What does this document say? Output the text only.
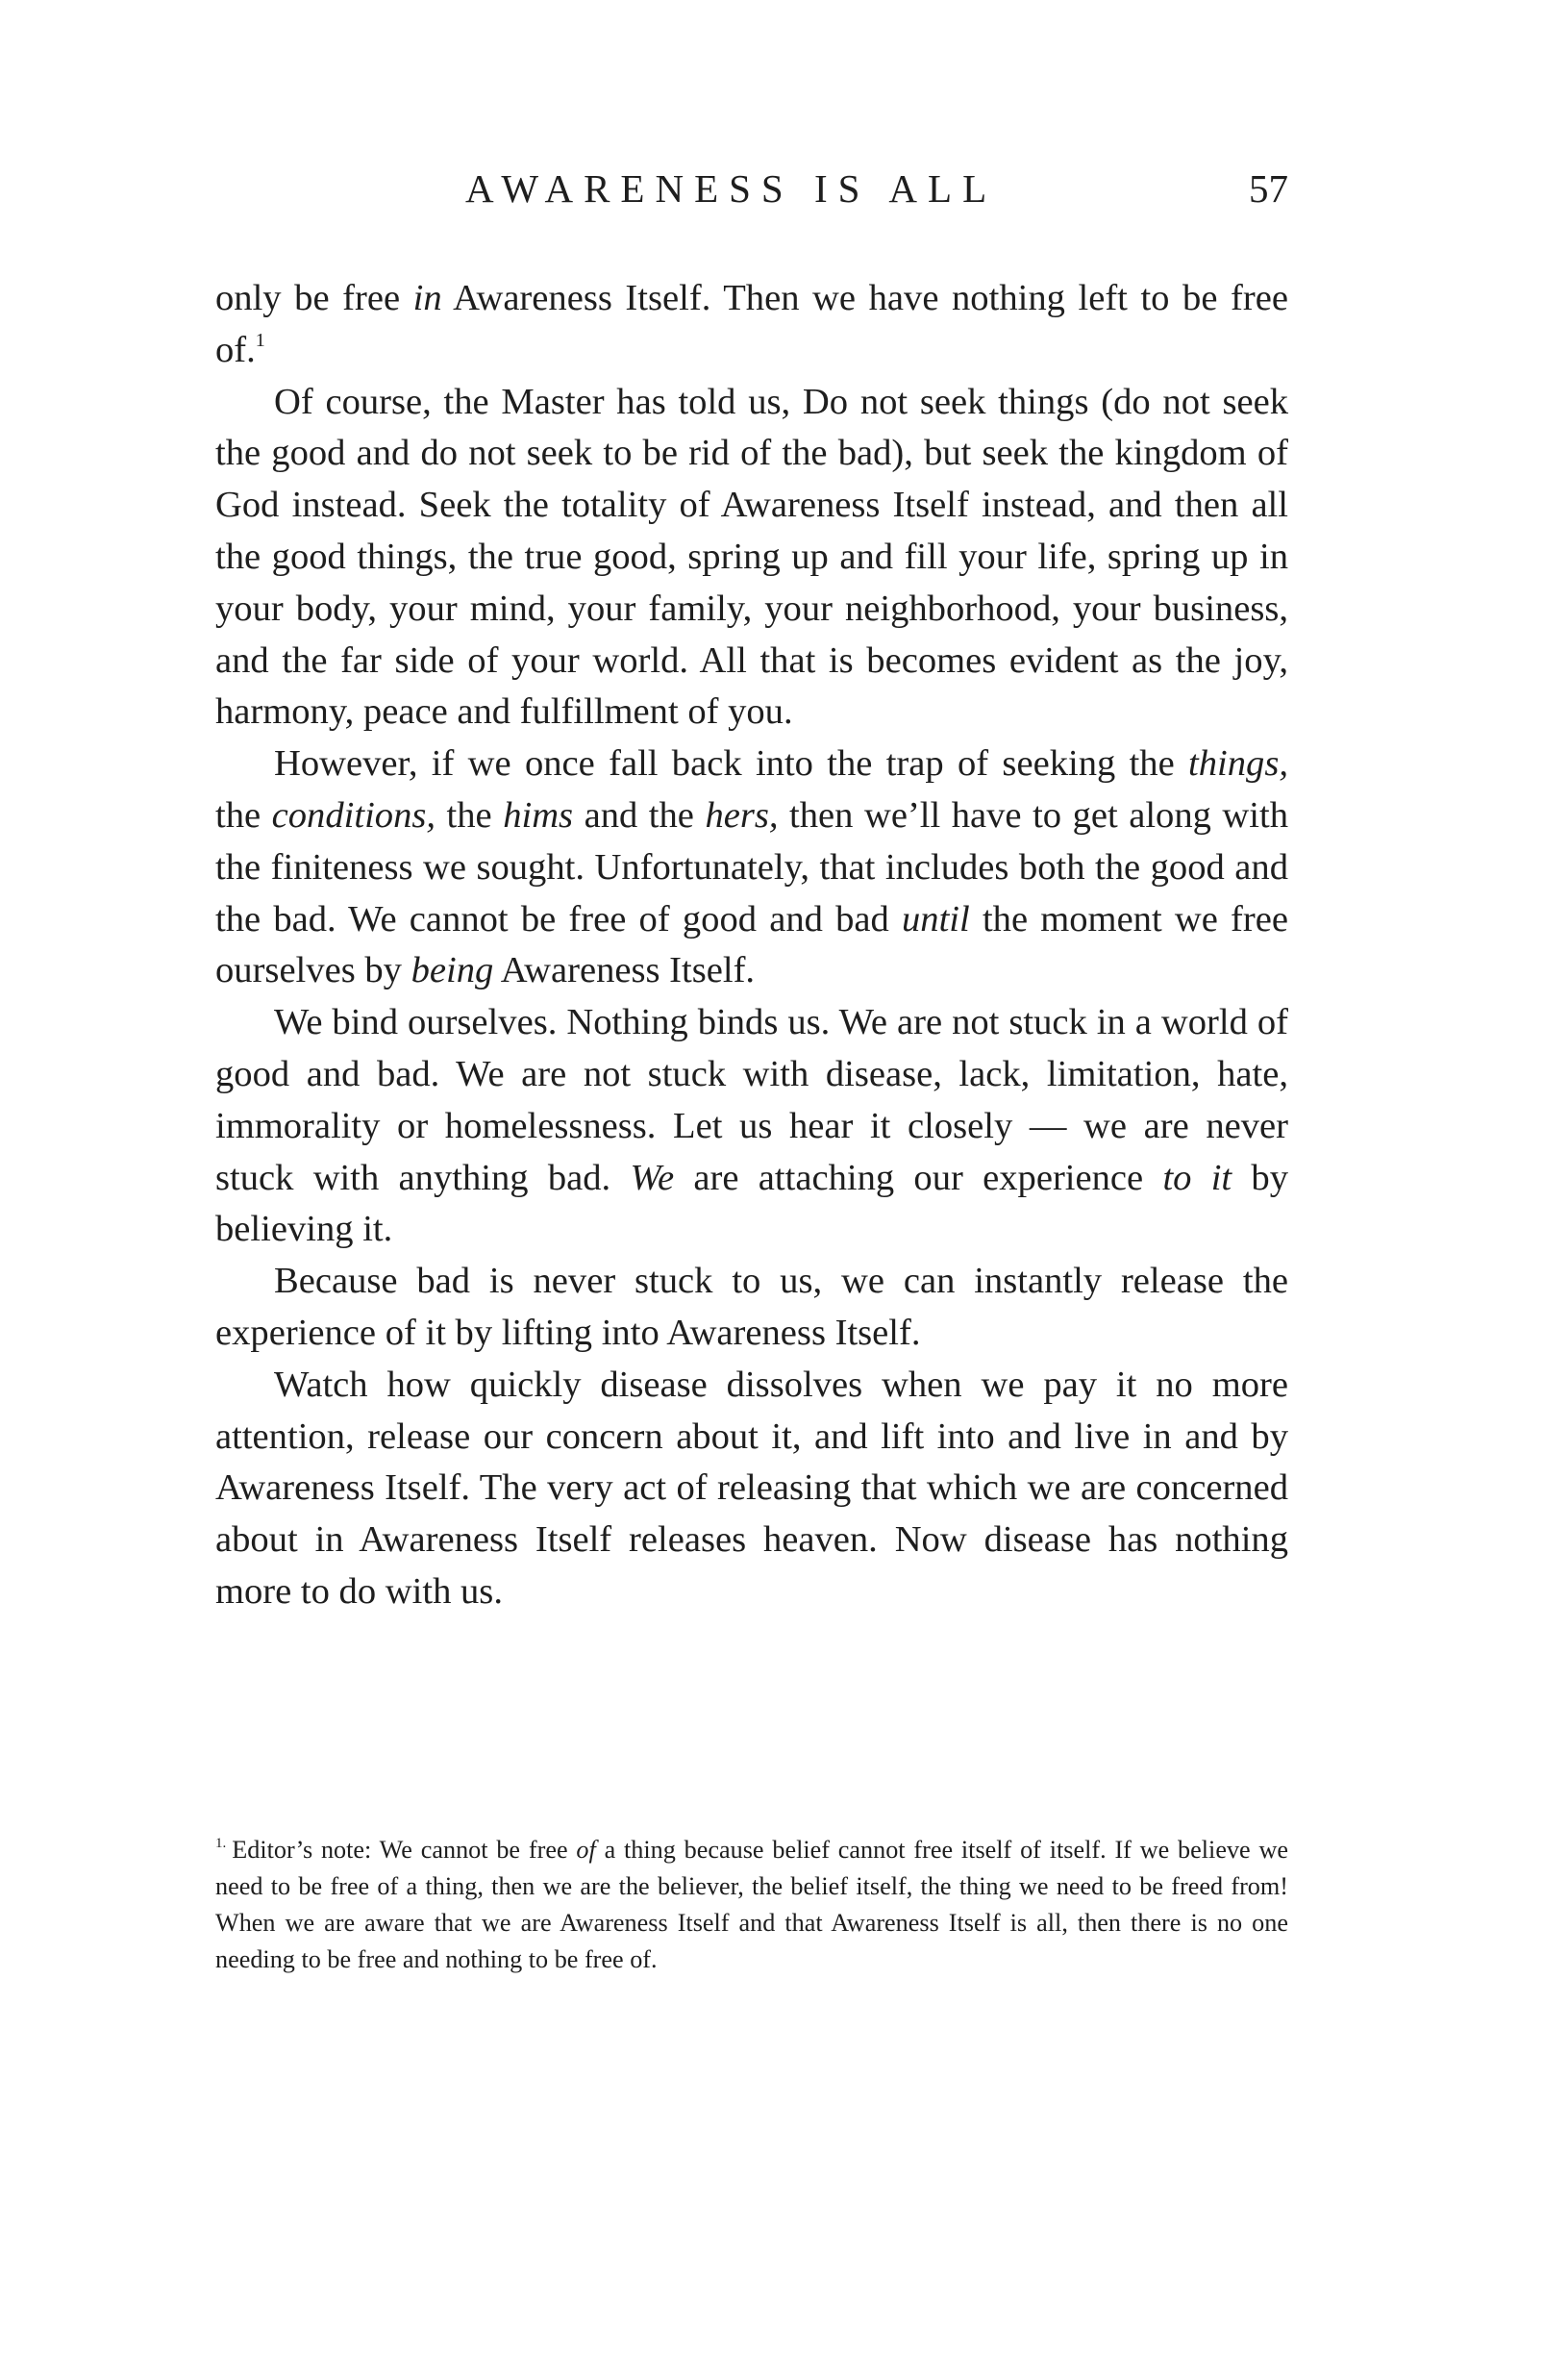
AWARENESS IS ALL	57

only be free in Awareness Itself. Then we have nothing left to be free of.$^1$

Of course, the Master has told us, Do not seek things (do not seek the good and do not seek to be rid of the bad), but seek the kingdom of God instead. Seek the totality of Awareness Itself instead, and then all the good things, the true good, spring up and fill your life, spring up in your body, your mind, your family, your neighborhood, your business, and the far side of your world. All that is becomes evident as the joy, harmony, peace and fulfillment of you.

However, if we once fall back into the trap of seeking the things, the conditions, the hims and the hers, then we’ll have to get along with the finiteness we sought. Unfortunately, that includes both the good and the bad. We cannot be free of good and bad until the moment we free ourselves by being Awareness Itself.

We bind ourselves. Nothing binds us. We are not stuck in a world of good and bad. We are not stuck with disease, lack, limitation, hate, immorality or homelessness. Let us hear it closely — we are never stuck with anything bad. We are attaching our experience to it by believing it.

Because bad is never stuck to us, we can instantly release the experience of it by lifting into Awareness Itself.

Watch how quickly disease dissolves when we pay it no more attention, release our concern about it, and lift into and live in and by Awareness Itself. The very act of releasing that which we are concerned about in Awareness Itself releases heaven. Now disease has nothing more to do with us.

$^{1.}$ Editor’s note: We cannot be free of a thing because belief cannot free itself of itself. If we believe we need to be free of a thing, then we are the believer, the belief itself, the thing we need to be freed from! When we are aware that we are Awareness Itself and that Awareness Itself is all, then there is no one needing to be free and nothing to be free of.
